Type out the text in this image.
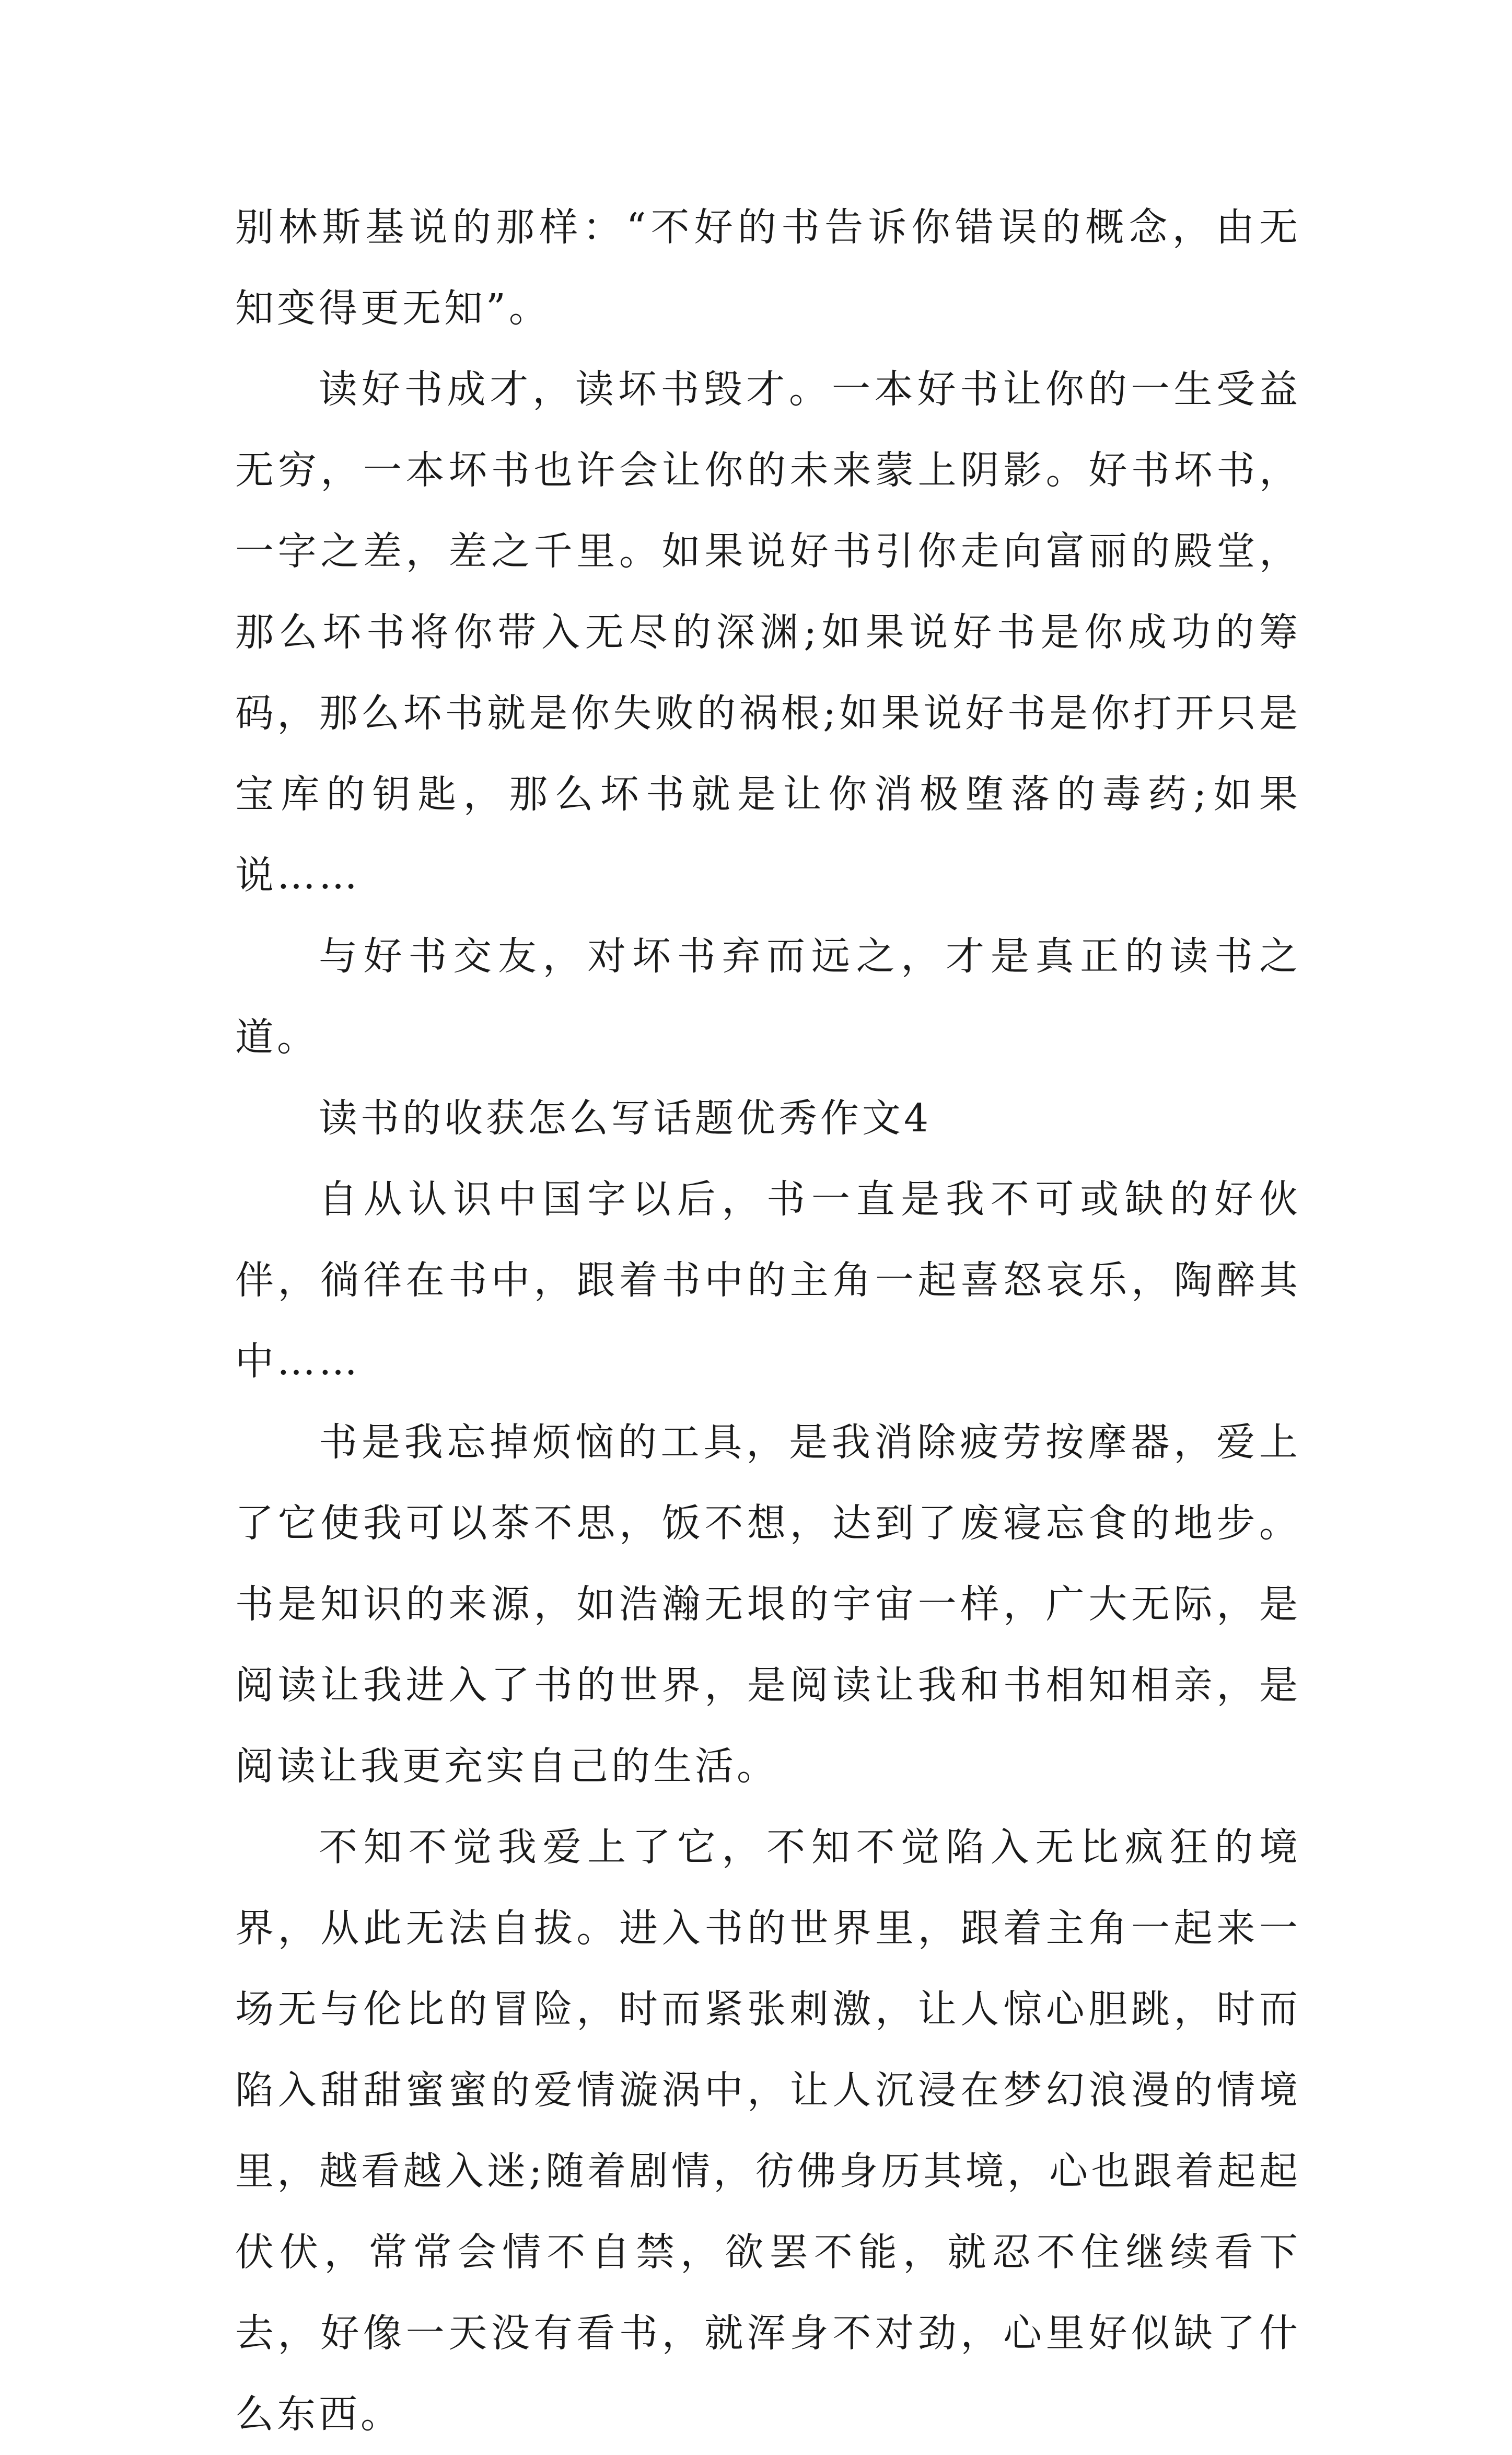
别林斯基说的那样：“不好的书告诉你错误的概念，由无知变得更无知”。

读好书成才，读坏书毁才。一本好书让你的一生受益无穷，一本坏书也许会让你的未来蒙上阴影。好书坏书，一字之差，差之千里。如果说好书引你走向富丽的殿堂，那么坏书将你带入无尽的深渊;如果说好书是你成功的筹码，那么坏书就是你失败的祸根;如果说好书是你打开只是宝库的钥匙，那么坏书就是让你消极堕落的毒药;如果说……

与好书交友，对坏书弃而远之，才是真正的读书之道。

读书的收获怎么写话题优秀作文4

自从认识中国字以后，书一直是我不可或缺的好伙伴，徜徉在书中，跟着书中的主角一起喜怒哀乐，陶醉其中……

书是我忘掉烦恼的工具，是我消除疲劳按摩器，爱上了它使我可以茶不思，饭不想，达到了废寝忘食的地步。书是知识的来源，如浩瀚无垠的宇宙一样，广大无际，是阅读让我进入了书的世界，是阅读让我和书相知相亲，是阅读让我更充实自己的生活。

不知不觉我爱上了它，不知不觉陷入无比疯狂的境界，从此无法自拔。进入书的世界里，跟着主角一起来一场无与伦比的冒险，时而紧张刺激，让人惊心胆跳，时而陷入甜甜蜜蜜的爱情漩涡中，让人沉浸在梦幻浪漫的情境里，越看越入迷;随着剧情，彷佛身历其境，心也跟着起起伏伏，常常会情不自禁，欲罢不能，就忍不住继续看下去，好像一天没有看书，就浑身不对劲，心里好似缺了什么东西。
